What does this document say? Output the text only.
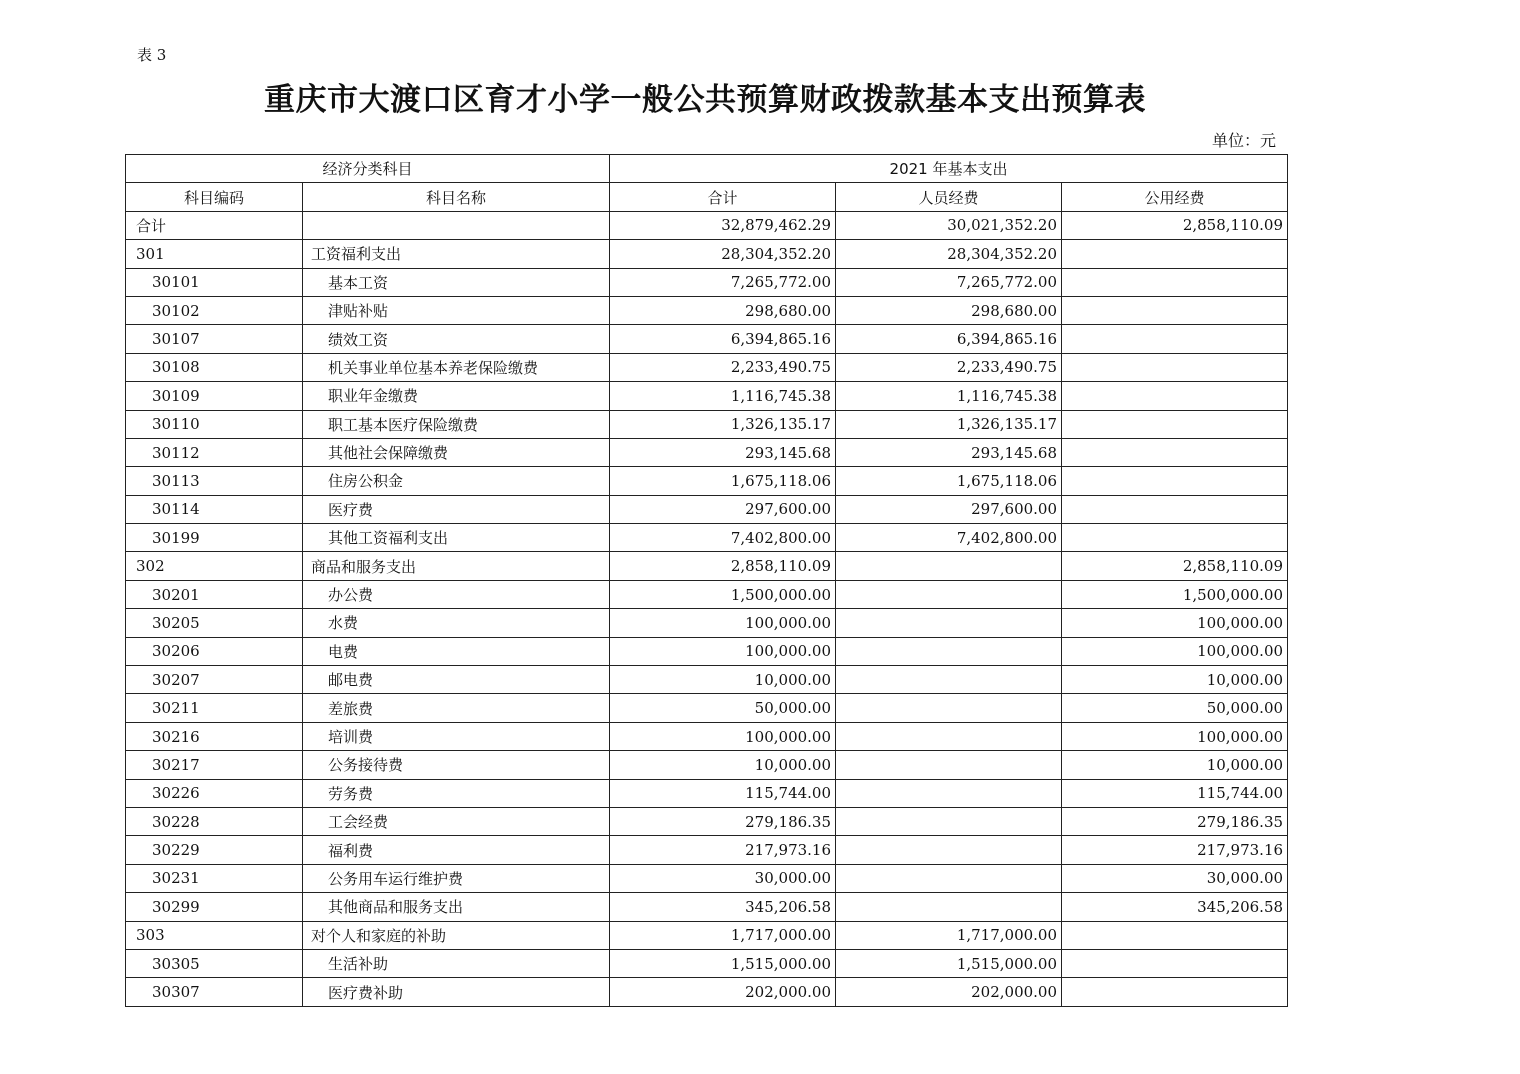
表 3
重庆市大渡口区育才小学一般公共预算财政拨款基本支出预算表
单位：元
经济分类科目		2021 年基本支出		
科目编码	科目名称	合计	人员经费	公用经费
合计		32,879,462.29	30,021,352.20	2,858,110.09
301	工资福利支出	28,304,352.20	28,304,352.20	
30101	基本工资	7,265,772.00	7,265,772.00	
30102	津贴补贴	298,680.00	298,680.00	
30107	绩效工资	6,394,865.16	6,394,865.16	
30108	机关事业单位基本养老保险缴费	2,233,490.75	2,233,490.75	
30109	职业年金缴费	1,116,745.38	1,116,745.38	
30110	职工基本医疗保险缴费	1,326,135.17	1,326,135.17	
30112	其他社会保障缴费	293,145.68	293,145.68	
30113	住房公积金	1,675,118.06	1,675,118.06	
30114	医疗费	297,600.00	297,600.00	
30199	其他工资福利支出	7,402,800.00	7,402,800.00	
302	商品和服务支出	2,858,110.09		2,858,110.09
30201	办公费	1,500,000.00		1,500,000.00
30205	水费	100,000.00		100,000.00
30206	电费	100,000.00		100,000.00
30207	邮电费	10,000.00		10,000.00
30211	差旅费	50,000.00		50,000.00
30216	培训费	100,000.00		100,000.00
30217	公务接待费	10,000.00		10,000.00
30226	劳务费	115,744.00		115,744.00
30228	工会经费	279,186.35		279,186.35
30229	福利费	217,973.16		217,973.16
30231	公务用车运行维护费	30,000.00		30,000.00
30299	其他商品和服务支出	345,206.58		345,206.58
303	对个人和家庭的补助	1,717,000.00	1,717,000.00	
30305	生活补助	1,515,000.00	1,515,000.00	
30307	医疗费补助	202,000.00	202,000.00	
